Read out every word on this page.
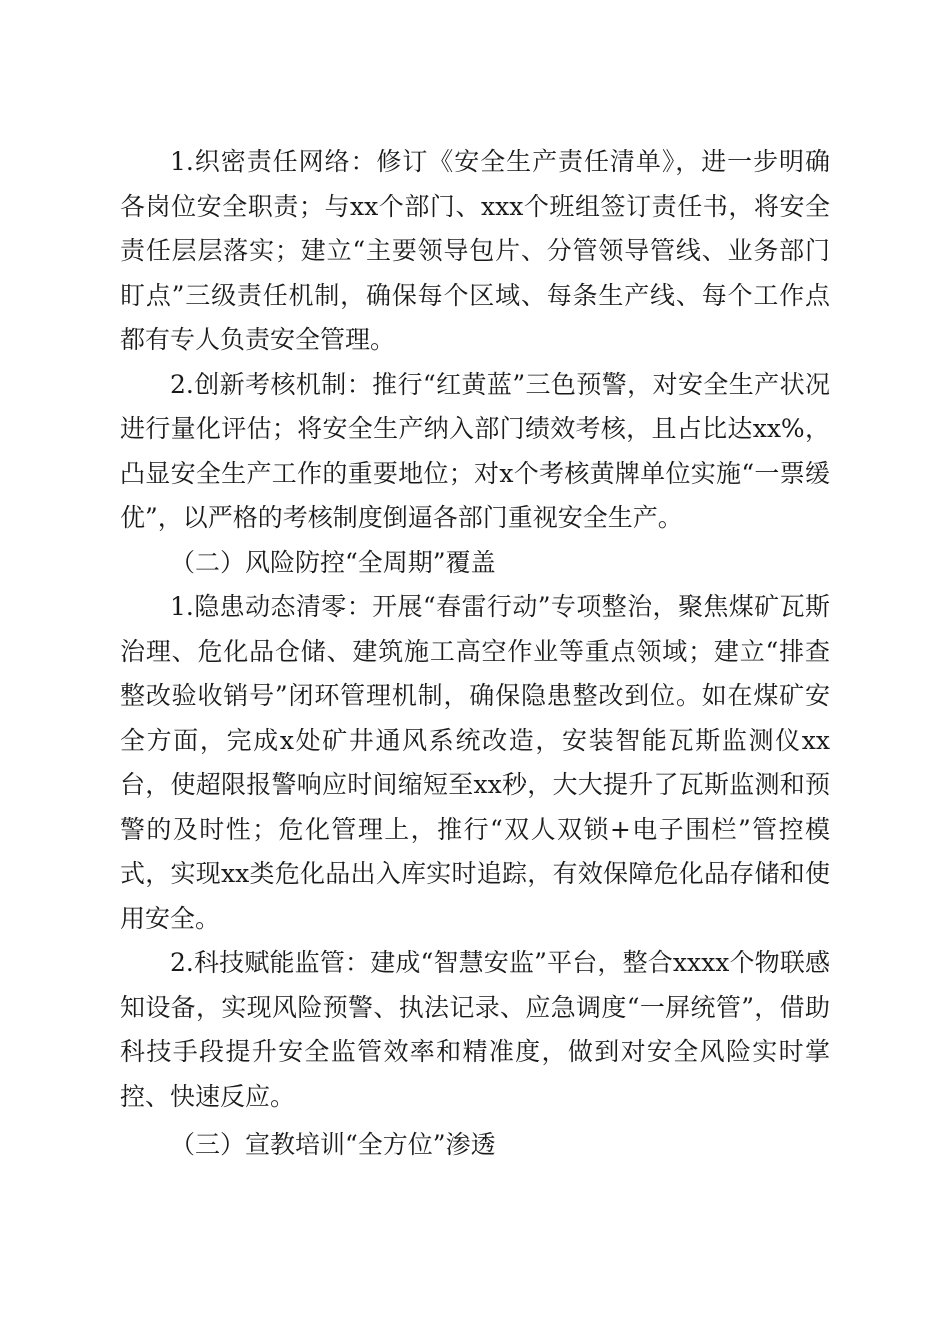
1.织密责任网络：修订《安全生产责任清单》，进一步明确各岗位安全职责；与xx个部门、xxx个班组签订责任书，将安全责任层层落实；建立“主要领导包片、分管领导管线、业务部门盯点”三级责任机制，确保每个区域、每条生产线、每个工作点都有专人负责安全管理。

2.创新考核机制：推行“红黄蓝”三色预警，对安全生产状况进行量化评估；将安全生产纳入部门绩效考核，且占比达xx%，凸显安全生产工作的重要地位；对x个考核黄牌单位实施“一票缓优”，以严格的考核制度倒逼各部门重视安全生产。

（二）风险防控“全周期”覆盖

1.隐患动态清零：开展“春雷行动”专项整治，聚焦煤矿瓦斯治理、危化品仓储、建筑施工高空作业等重点领域；建立“排查整改验收销号”闭环管理机制，确保隐患整改到位。如在煤矿安全方面，完成x处矿井通风系统改造，安装智能瓦斯监测仪xx台，使超限报警响应时间缩短至xx秒，大大提升了瓦斯监测和预警的及时性；危化管理上，推行“双人双锁+电子围栏”管控模式，实现xx类危化品出入库实时追踪，有效保障危化品存储和使用安全。

2.科技赋能监管：建成“智慧安监”平台，整合xxxx个物联感知设备，实现风险预警、执法记录、应急调度“一屏统管”，借助科技手段提升安全监管效率和精准度，做到对安全风险实时掌控、快速反应。

（三）宣教培训“全方位”渗透
